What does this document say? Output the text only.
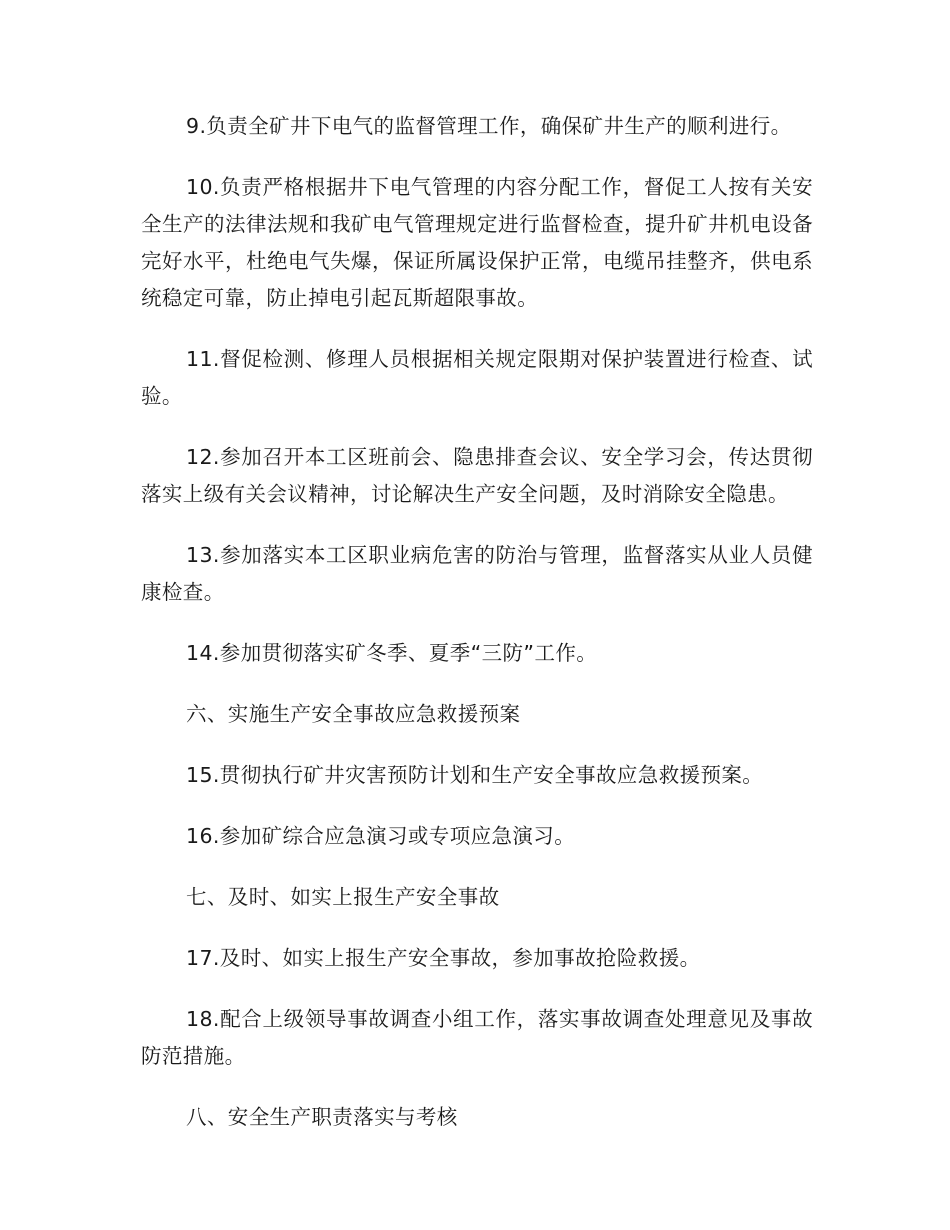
9.负责全矿井下电气的监督管理工作，确保矿井生产的顺利进行。

10.负责严格根据井下电气管理的内容分配工作，督促工人按有关安全生产的法律法规和我矿电气管理规定进行监督检查，提升矿井机电设备完好水平，杜绝电气失爆，保证所属设保护正常，电缆吊挂整齐，供电系统稳定可靠，防止掉电引起瓦斯超限事故。

11.督促检测、修理人员根据相关规定限期对保护装置进行检查、试验。

12.参加召开本工区班前会、隐患排查会议、安全学习会，传达贯彻落实上级有关会议精神，讨论解决生产安全问题，及时消除安全隐患。

13.参加落实本工区职业病危害的防治与管理，监督落实从业人员健康检查。

14.参加贯彻落实矿冬季、夏季“三防”工作。

六、实施生产安全事故应急救援预案

15.贯彻执行矿井灾害预防计划和生产安全事故应急救援预案。

16.参加矿综合应急演习或专项应急演习。

七、及时、如实上报生产安全事故

17.及时、如实上报生产安全事故，参加事故抢险救援。

18.配合上级领导事故调查小组工作，落实事故调查处理意见及事故防范措施。

八、安全生产职责落实与考核
